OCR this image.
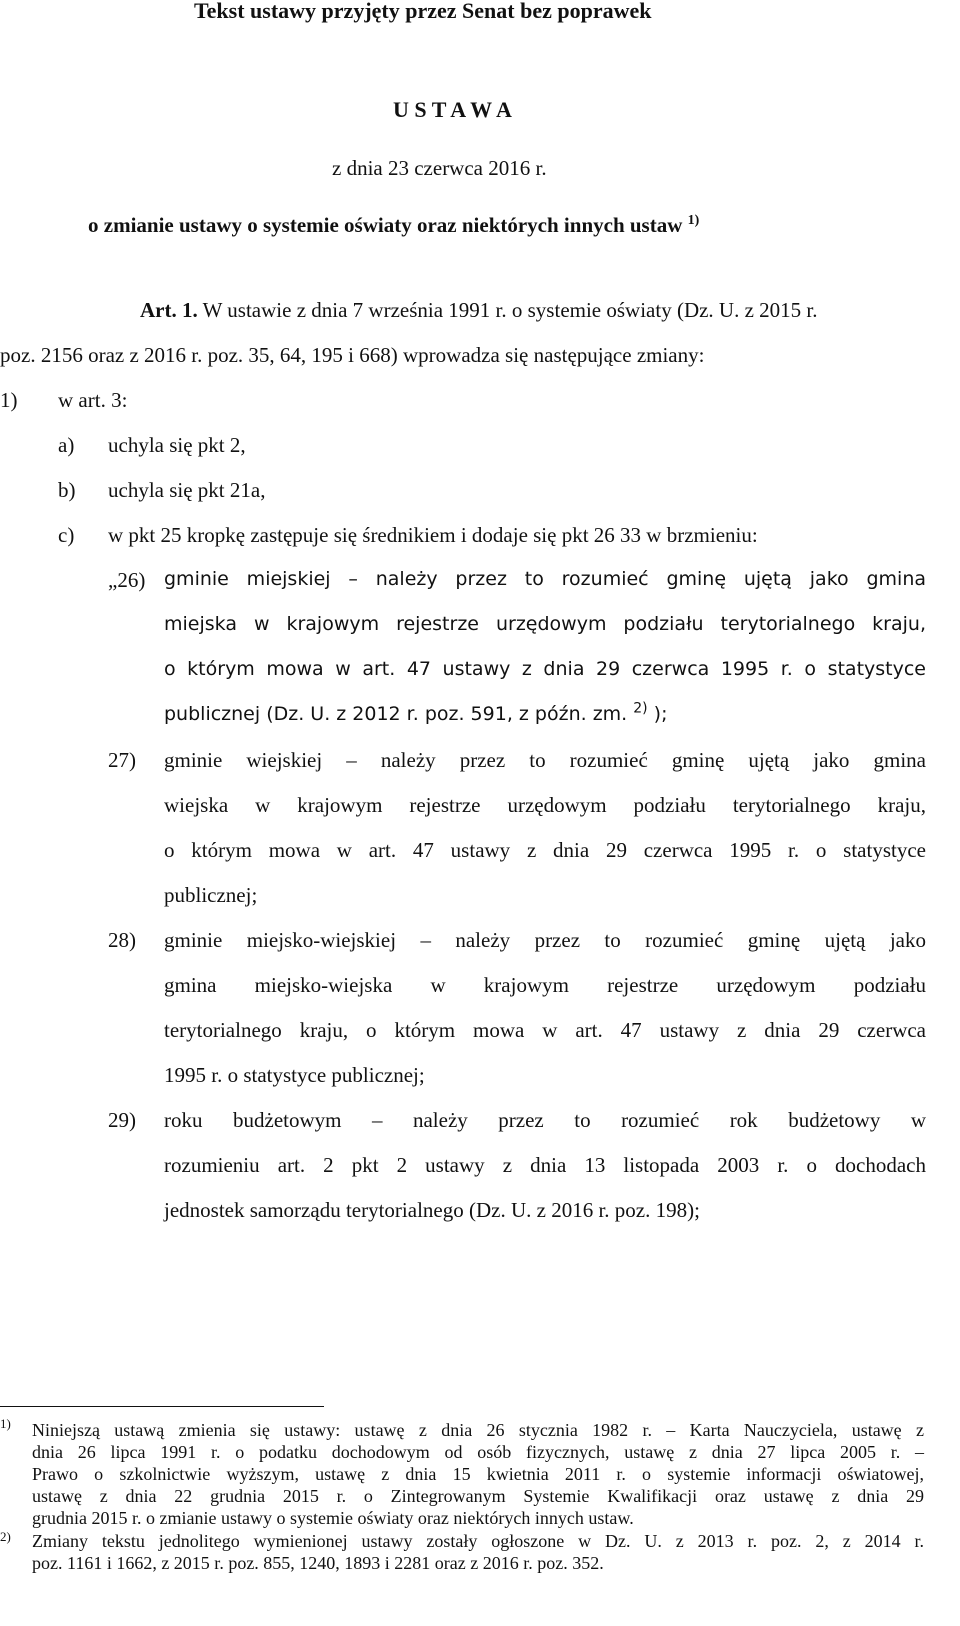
Tekst ustawy przyjęty przez Senat bez poprawek
U S T A W A
z dnia 23 czerwca 2016 r.
o zmianie ustawy o systemie oświaty oraz niektórych innych ustaw $^{1)}$
Art. 1. W ustawie z dnia 7 września 1991 r. o systemie oświaty (Dz. U. z 2015 r.
poz. 2156 oraz z 2016 r. poz. 35, 64, 195 i 668) wprowadza się następujące zmiany:
1) w art. 3:
a) uchyla się pkt 2,
b) uchyla się pkt 21a,
c) w pkt 25 kropkę zastępuje się średnikiem i dodaje się pkt 26 33 w brzmieniu:
„26) gminie miejskiej – należy przez to rozumieć gminę ujętą jako gmina
miejska w krajowym rejestrze urzędowym podziału terytorialnego kraju,
o którym mowa w art. 47 ustawy z dnia 29 czerwca 1995 r. o statystyce
publicznej (Dz. U. z 2012 r. poz. 591, z późn. zm. $^{2)}$ );
27) gminie wiejskiej – należy przez to rozumieć gminę ujętą jako gmina
wiejska w krajowym rejestrze urzędowym podziału terytorialnego kraju,
o którym mowa w art. 47 ustawy z dnia 29 czerwca 1995 r. o statystyce
publicznej;
28) gminie miejsko-wiejskiej – należy przez to rozumieć gminę ujętą jako
gmina miejsko-wiejska w krajowym rejestrze urzędowym podziału
terytorialnego kraju, o którym mowa w art. 47 ustawy z dnia 29 czerwca
1995 r. o statystyce publicznej;
29) roku budżetowym – należy przez to rozumieć rok budżetowy w
rozumieniu art. 2 pkt 2 ustawy z dnia 13 listopada 2003 r. o dochodach
jednostek samorządu terytorialnego (Dz. U. z 2016 r. poz. 198);
1) Niniejszą ustawą zmienia się ustawy: ustawę z dnia 26 stycznia 1982 r. – Karta Nauczyciela, ustawę z
dnia 26 lipca 1991 r. o podatku dochodowym od osób fizycznych, ustawę z dnia 27 lipca 2005 r. –
Prawo o szkolnictwie wyższym, ustawę z dnia 15 kwietnia 2011 r. o systemie informacji oświatowej,
ustawę z dnia 22 grudnia 2015 r. o Zintegrowanym Systemie Kwalifikacji oraz ustawę z dnia 29
grudnia 2015 r. o zmianie ustawy o systemie oświaty oraz niektórych innych ustaw.
2) Zmiany tekstu jednolitego wymienionej ustawy zostały ogłoszone w Dz. U. z 2013 r. poz. 2, z 2014 r.
poz. 1161 i 1662, z 2015 r. poz. 855, 1240, 1893 i 2281 oraz z 2016 r. poz. 352.
